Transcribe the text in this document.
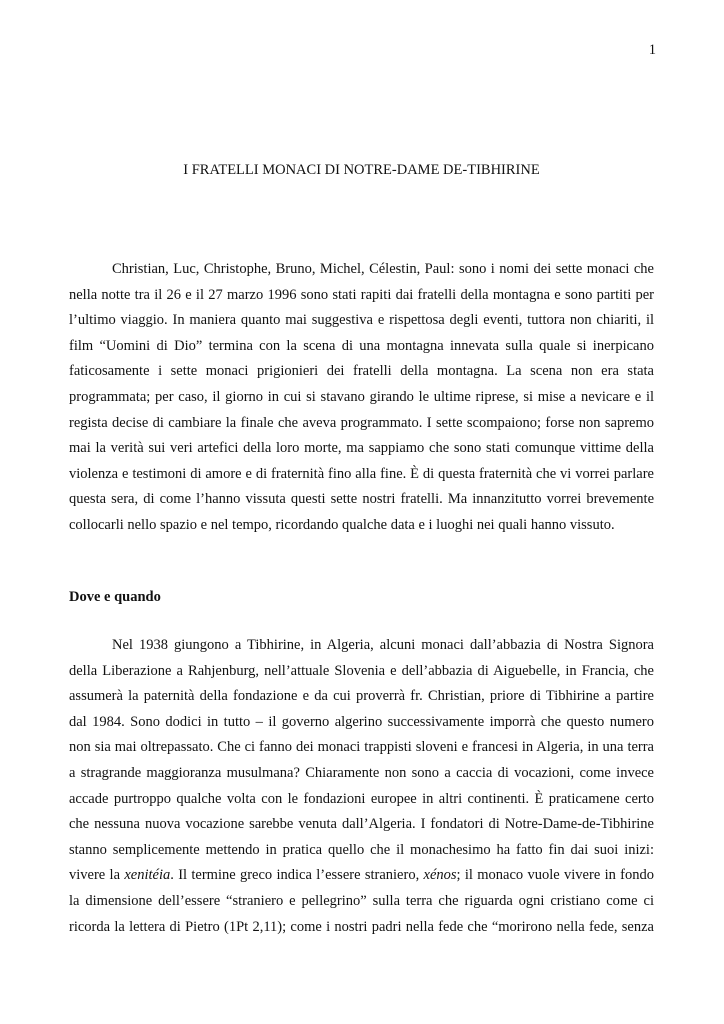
1
I FRATELLI MONACI DI NOTRE-DAME DE-TIBHIRINE
Christian, Luc, Christophe, Bruno, Michel, Célestin, Paul: sono i nomi dei sette monaci che
nella notte tra il 26 e il 27 marzo 1996 sono stati rapiti dai fratelli della montagna e sono partiti per
l’ultimo viaggio. In maniera quanto mai suggestiva e rispettosa degli eventi, tuttora non chiariti, il
film “Uomini di Dio” termina con la scena di una montagna innevata sulla quale si inerpicano
faticosamente i sette monaci prigionieri dei fratelli della montagna. La scena non era stata
programmata; per caso, il giorno in cui si stavano girando le ultime riprese, si mise a nevicare e il
regista decise di cambiare la finale che aveva programmato. I sette scompaiono; forse non sapremo
mai la verità sui veri artefici della loro morte, ma sappiamo che sono stati comunque vittime della
violenza e testimoni di amore e di fraternità fino alla fine. È di questa fraternità che vi vorrei parlare
questa sera, di come l’hanno vissuta questi sette nostri fratelli. Ma innanzitutto vorrei brevemente
collocarli nello spazio e nel tempo, ricordando qualche data e i luoghi nei quali hanno vissuto.
Dove e quando
Nel 1938 giungono a Tibhirine, in Algeria, alcuni monaci dall’abbazia di Nostra Signora
della Liberazione a Rahjenburg, nell’attuale Slovenia e dell’abbazia di Aiguebelle, in Francia, che
assumerà la paternità della fondazione e da cui proverrà fr. Christian, priore di Tibhirine a partire
dal 1984. Sono dodici in tutto – il governo algerino successivamente imporrà che questo numero
non sia mai oltrepassato. Che ci fanno dei monaci trappisti sloveni e francesi in Algeria, in una terra
a stragrande maggioranza musulmana? Chiaramente non sono a caccia di vocazioni, come invece
accade purtroppo qualche volta con le fondazioni europee in altri continenti. È praticamene certo
che nessuna nuova vocazione sarebbe venuta dall’Algeria. I fondatori di Notre-Dame-de-Tibhirine
stanno semplicemente mettendo in pratica quello che il monachesimo ha fatto fin dai suoi inizi:
vivere la xenitéia. Il termine greco indica l’essere straniero, xénos; il monaco vuole vivere in fondo
la dimensione dell’essere “straniero e pellegrino” sulla terra che riguarda ogni cristiano come ci
ricorda la lettera di Pietro (1Pt 2,11); come i nostri padri nella fede che “morirono nella fede, senza
